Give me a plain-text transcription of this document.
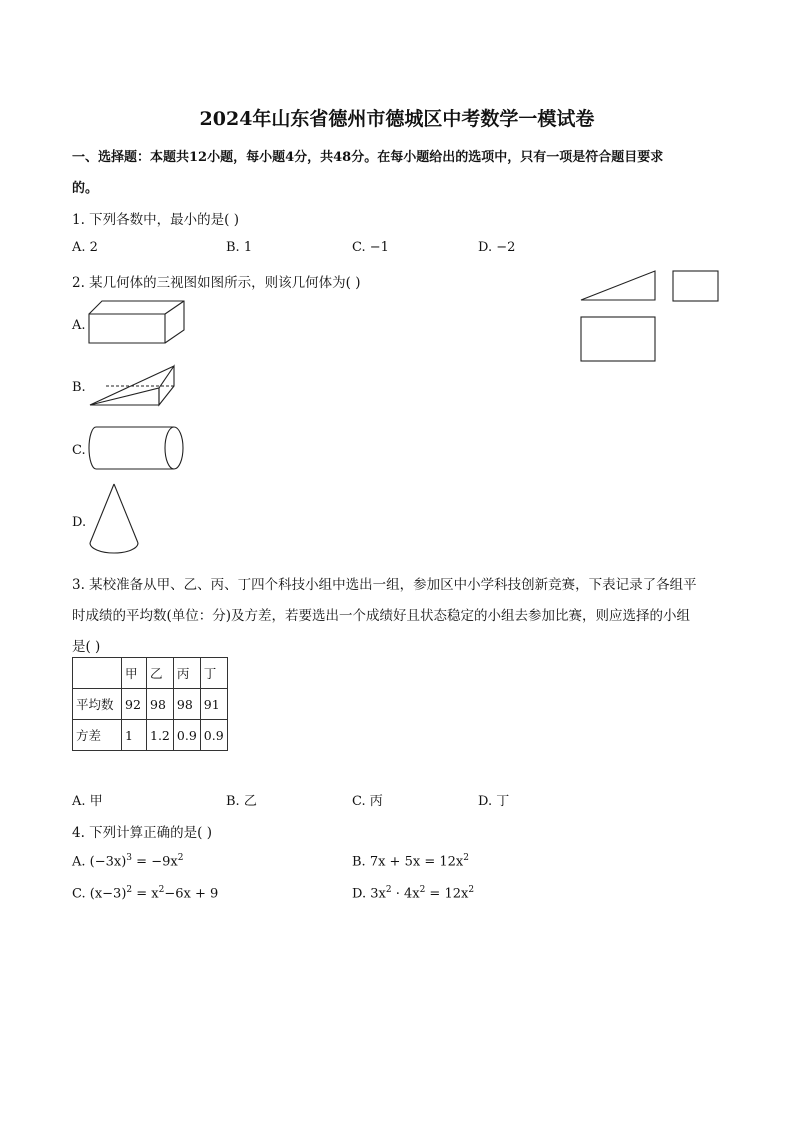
2024年山东省德州市德城区中考数学一模试卷
一、选择题：本题共12小题，每小题4分，共48分。在每小题给出的选项中，只有一项是符合题目要求
的。
1. 下列各数中，最小的是( )
A. 2	B. 1	C. −1	D. −2
2. 某几何体的三视图如图所示，则该几何体为( )
A.
B.
C.
D.
3. 某校准备从甲、乙、丙、丁四个科技小组中选出一组，参加区中小学科技创新竞赛，下表记录了各组平
时成绩的平均数(单位：分)及方差，若要选出一个成绩好且状态稳定的小组去参加比赛，则应选择的小组
是( )
	甲	乙	丙	丁
平均数	92	98	98	91
方差	1	1.2	0.9	0.9
A. 甲	B. 乙	C. 丙	D. 丁
4. 下列计算正确的是( )
A. $(-3x)^3 = -9x^2$	B. $7x + 5x = 12x^2$
C. $(x-3)^2 = x^2-6x + 9$	D. $3x^2 \cdot 4x^2 = 12x^2$
